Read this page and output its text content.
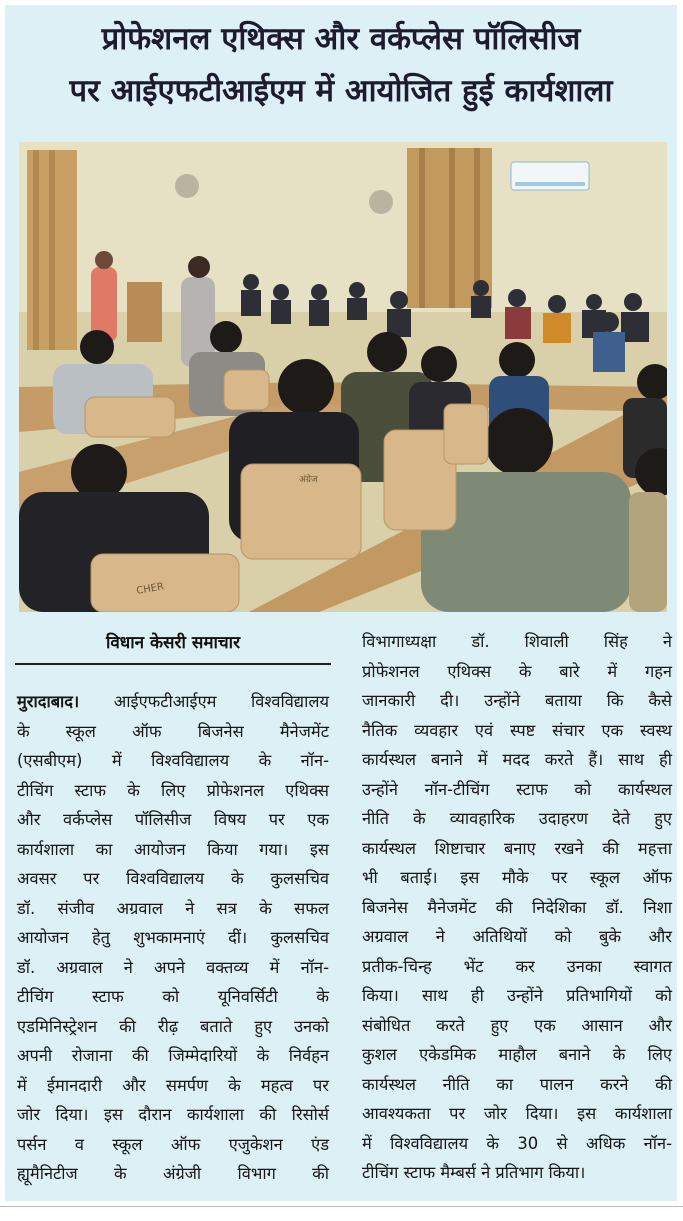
प्रोफेशनल एथिक्स और वर्कप्लेस पॉलिसीज
पर आईएफटीआईएम में आयोजित हुई कार्यशाला
अंग्रेज
CHER
विधान केसरी समाचार
मुरादाबाद। आईएफटीआईएम विश्वविद्यालय
के स्कूल ऑफ बिजनेस मैनेजमेंट
(एसबीएम) में विश्वविद्यालय के नॉन-
टीचिंग स्टाफ के लिए प्रोफेशनल एथिक्स
और वर्कप्लेस पॉलिसीज विषय पर एक
कार्यशाला का आयोजन किया गया। इस
अवसर पर विश्वविद्यालय के कुलसचिव
डॉ. संजीव अग्रवाल ने सत्र के सफल
आयोजन हेतु शुभकामनाएं दीं। कुलसचिव
डॉ. अग्रवाल ने अपने वक्तव्य में नॉन-
टीचिंग स्टाफ को यूनिवर्सिटी के
एडमिनिस्ट्रेशन की रीढ़ बताते हुए उनको
अपनी रोजाना की जिम्मेदारियों के निर्वहन
में ईमानदारी और समर्पण के महत्व पर
जोर दिया। इस दौरान कार्यशाला की रिसोर्स
पर्सन व स्कूल ऑफ एजुकेशन एंड
ह्यूमैनिटीज के अंग्रेजी विभाग की
विभागाध्यक्षा डॉ. शिवाली सिंह ने
प्रोफेशनल एथिक्स के बारे में गहन
जानकारी दी। उन्होंने बताया कि कैसे
नैतिक व्यवहार एवं स्पष्ट संचार एक स्वस्थ
कार्यस्थल बनाने में मदद करते हैं। साथ ही
उन्होंने नॉन-टीचिंग स्टाफ को कार्यस्थल
नीति के व्यावहारिक उदाहरण देते हुए
कार्यस्थल शिष्टाचार बनाए रखने की महत्ता
भी बताई। इस मौके पर स्कूल ऑफ
बिजनेस मैनेजमेंट की निदेशिका डॉ. निशा
अग्रवाल ने अतिथियों को बुके और
प्रतीक-चिन्ह भेंट कर उनका स्वागत
किया। साथ ही उन्होंने प्रतिभागियों को
संबोधित करते हुए एक आसान और
कुशल एकेडमिक माहौल बनाने के लिए
कार्यस्थल नीति का पालन करने की
आवश्यकता पर जोर दिया। इस कार्यशाला
में विश्वविद्यालय के 30 से अधिक नॉन-
टीचिंग स्टाफ मैम्बर्स ने प्रतिभाग किया।
